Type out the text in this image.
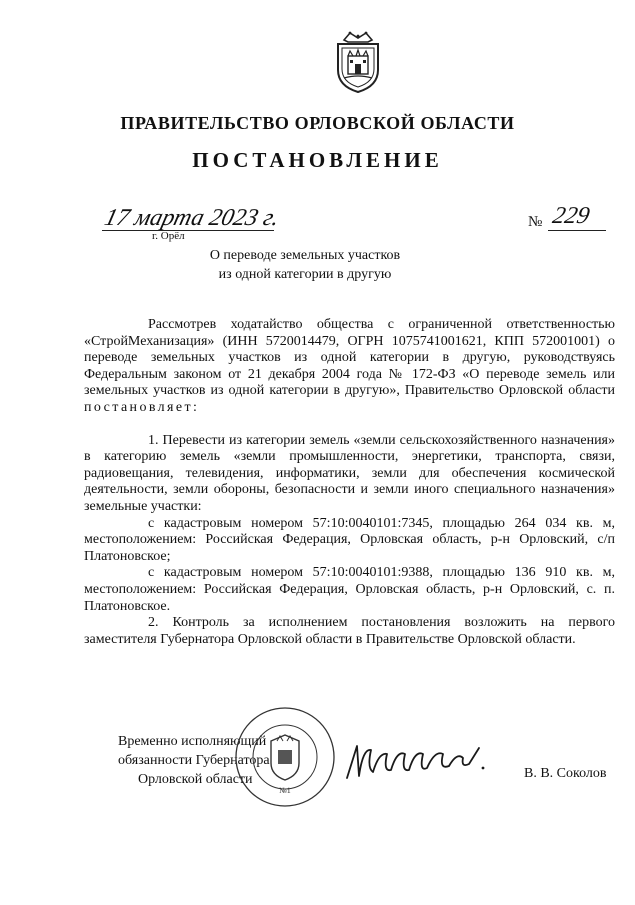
ПРАВИТЕЛЬСТВО ОРЛОВСКОЙ ОБЛАСТИ
ПОСТАНОВЛЕНИЕ
17 марта 2023 г.
г. Орёл
№ 229
О переводе земельных участков
из одной категории в другую

Рассмотрев ходатайство общества с ограниченной ответственностью «СтройМеханизация» (ИНН 5720014479, ОГРН 1075741001621, КПП 572001001) о переводе земельных участков из одной категории в другую, руководствуясь Федеральным законом от 21 декабря 2004 года № 172-ФЗ «О переводе земель или земельных участков из одной категории в другую», Правительство Орловской области постановляет:

1. Перевести из категории земель «земли сельскохозяйственного назначения» в категорию земель «земли промышленности, энергетики, транспорта, связи, радиовещания, телевидения, информатики, земли для обеспечения космической деятельности, земли обороны, безопасности и земли иного специального назначения» земельные участки:

с кадастровым номером 57:10:0040101:7345, площадью 264 034 кв. м, местоположением: Российская Федерация, Орловская область, р-н Орловский, с/п Платоновское;

с кадастровым номером 57:10:0040101:9388, площадью 136 910 кв. м, местоположением: Российская Федерация, Орловская область, р-н Орловский, с. п. Платоновское.

2. Контроль за исполнением постановления возложить на первого заместителя Губернатора Орловской области в Правительстве Орловской области.

Временно исполняющий
обязанности Губернатора
Орловской области
№1
В. В. Соколов
